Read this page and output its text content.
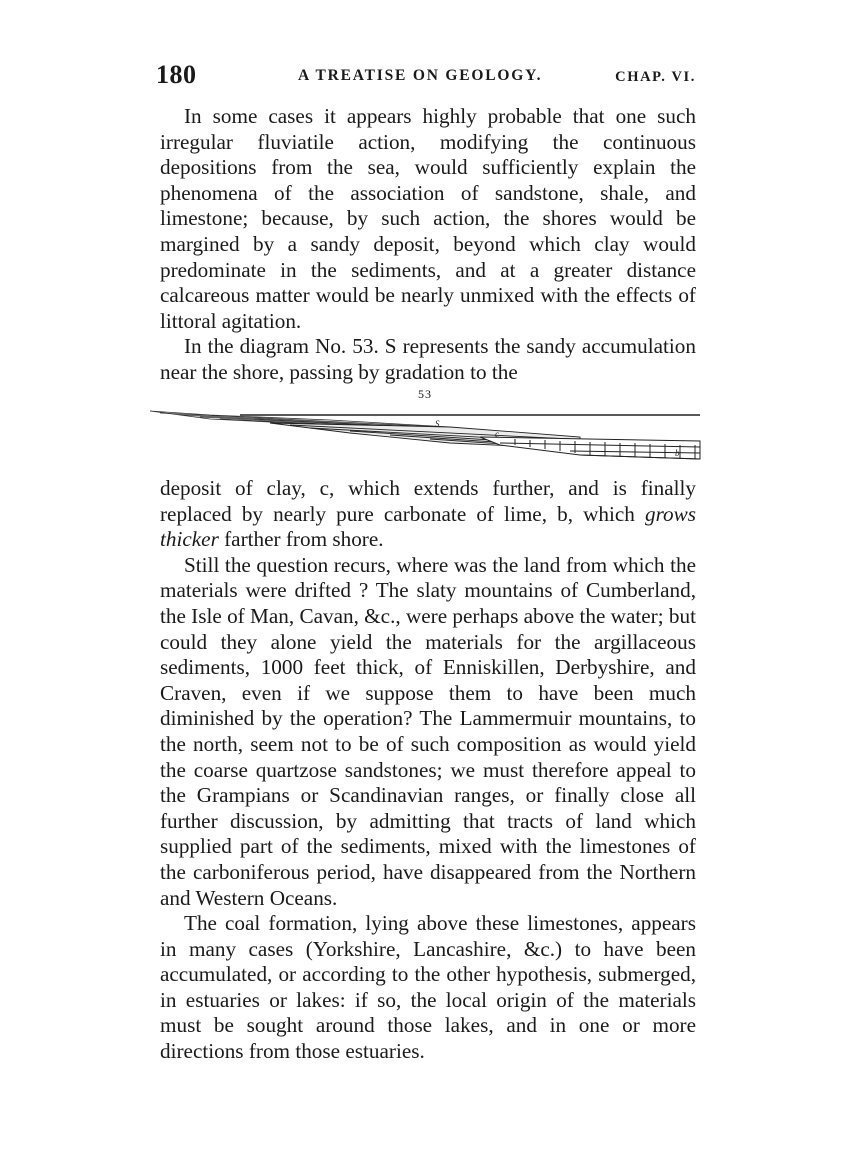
180	A TREATISE ON GEOLOGY.	CHAP. VI.

In some cases it appears highly probable that one such irregular fluviatile action, modifying the continuous depositions from the sea, would sufficiently explain the phenomena of the association of sandstone, shale, and limestone; because, by such action, the shores would be margined by a sandy deposit, beyond which clay would predominate in the sediments, and at a greater distance calcareous matter would be nearly unmixed with the effects of littoral agitation.

In the diagram No. 53. S represents the sandy accumulation near the shore, passing by gradation to the

53
S
c
b

deposit of clay, c, which extends further, and is finally replaced by nearly pure carbonate of lime, b, which grows thicker farther from shore.

Still the question recurs, where was the land from which the materials were drifted ? The slaty mountains of Cumberland, the Isle of Man, Cavan, &c., were perhaps above the water; but could they alone yield the materials for the argillaceous sediments, 1000 feet thick, of Enniskillen, Derbyshire, and Craven, even if we suppose them to have been much diminished by the operation? The Lammermuir mountains, to the north, seem not to be of such composition as would yield the coarse quartzose sandstones; we must therefore appeal to the Grampians or Scandinavian ranges, or finally close all further discussion, by admitting that tracts of land which supplied part of the sediments, mixed with the limestones of the carboniferous period, have disappeared from the Northern and Western Oceans.

The coal formation, lying above these limestones, appears in many cases (Yorkshire, Lancashire, &c.) to have been accumulated, or according to the other hypothesis, submerged, in estuaries or lakes: if so, the local origin of the materials must be sought around those lakes, and in one or more directions from those estuaries.
